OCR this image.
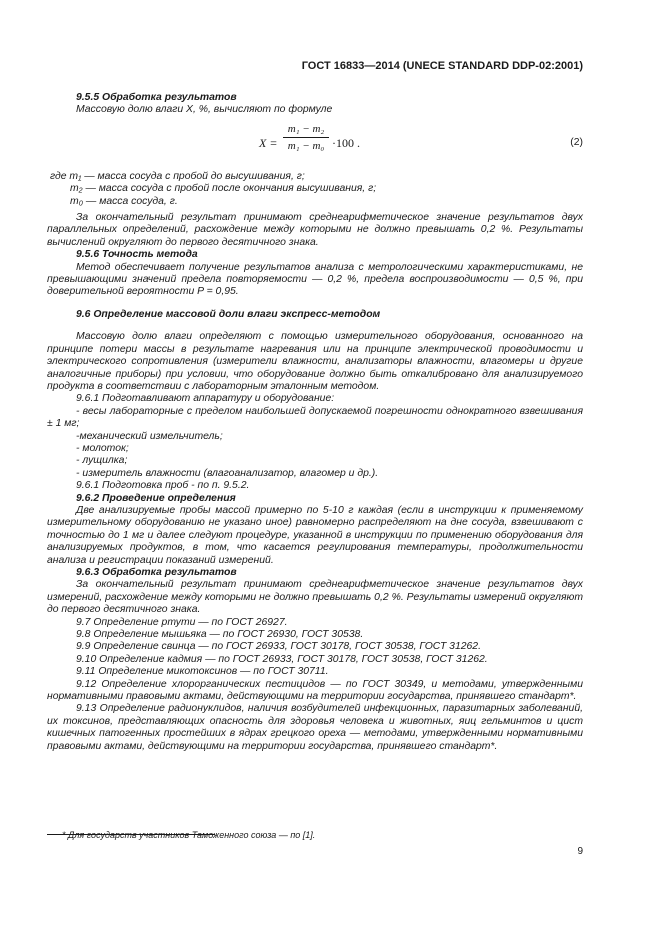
ГОСТ 16833—2014 (UNECE STANDARD DDP-02:2001)

9.5.5 Обработка результатов

Массовую долю влаги X, %, вычисляют по формуле

$X = \frac{\text{m₁ − m₂}}{\text{m₁ − m₀}} \cdot 100$ .	(2)
где m₁ — масса сосуда с пробой до высушивания, г;
m₂ — масса сосуда с пробой после окончания высушивания, г;
m₀ — масса сосуда, г.

За окончательный результат принимают среднеарифметическое значение результатов двух параллельных определений, расхождение между которыми не должно превышать 0,2 %. Результаты вычислений округляют до первого десятичного знака.

9.5.6 Точность метода

Метод обеспечивает получение результатов анализа с метрологическими характеристиками, не превышающими значений предела повторяемости — 0,2 %, предела воспроизводимости — 0,5 %, при доверительной вероятности P = 0,95.

9.6 Определение массовой доли влаги экспресс-методом

Массовую долю влаги определяют с помощью измерительного оборудования, основанного на принципе потери массы в результате нагревания или на принципе электрической проводимости и электрического сопротивления (измерители влажности, анализаторы влажности, влагомеры и другие аналогичные приборы) при условии, что оборудование должно быть откалибровано для анализируемого продукта в соответствии с лабораторным эталонным методом.

9.6.1 Подготавливают аппаратуру и оборудование:

- весы лабораторные с пределом наибольшей допускаемой погрешности однократного взвешивания ± 1 мг;

-механический измельчитель;

- молоток;

- лущилка;

- измеритель влажности (влагоанализатор, влагомер и др.).

9.6.1 Подготовка проб - по п. 9.5.2.

9.6.2 Проведение определения

Две анализируемые пробы массой примерно по 5-10 г каждая (если в инструкции к применяемому измерительному оборудованию не указано иное) равномерно распределяют на дне сосуда, взвешивают с точностью до 1 мг и далее следуют процедуре, указанной в инструкции по применению оборудования для анализируемых продуктов, в том, что касается регулирования температуры, продолжительности анализа и регистрации показаний измерений.

9.6.3 Обработка результатов

За окончательный результат принимают среднеарифметическое значение результатов двух измерений, расхождение между которыми не должно превышать 0,2 %. Результаты измерений округляют до первого десятичного знака.

9.7 Определение ртути — по ГОСТ 26927.

9.8 Определение мышьяка — по ГОСТ 26930, ГОСТ 30538.

9.9 Определение свинца — по ГОСТ 26933, ГОСТ 30178, ГОСТ 30538, ГОСТ 31262.

9.10 Определение кадмия — по ГОСТ 26933, ГОСТ 30178, ГОСТ 30538, ГОСТ 31262.

9.11 Определение микотоксинов — по ГОСТ 30711.

9.12 Определение хлорорганических пестицидов — по ГОСТ 30349, и методами, утвержденными нормативными правовыми актами, действующими на территории государства, принявшего стандарт*.

9.13 Определение радионуклидов, наличия возбудителей инфекционных, паразитарных заболеваний, их токсинов, представляющих опасность для здоровья человека и животных, яиц гельминтов и цист кишечных патогенных простейших в ядрах грецкого ореха — методами, утвержденными нормативными правовыми актами, действующими на территории государства, принявшего стандарт*.

* Для государств участников Таможенного союза — по [1].
9
